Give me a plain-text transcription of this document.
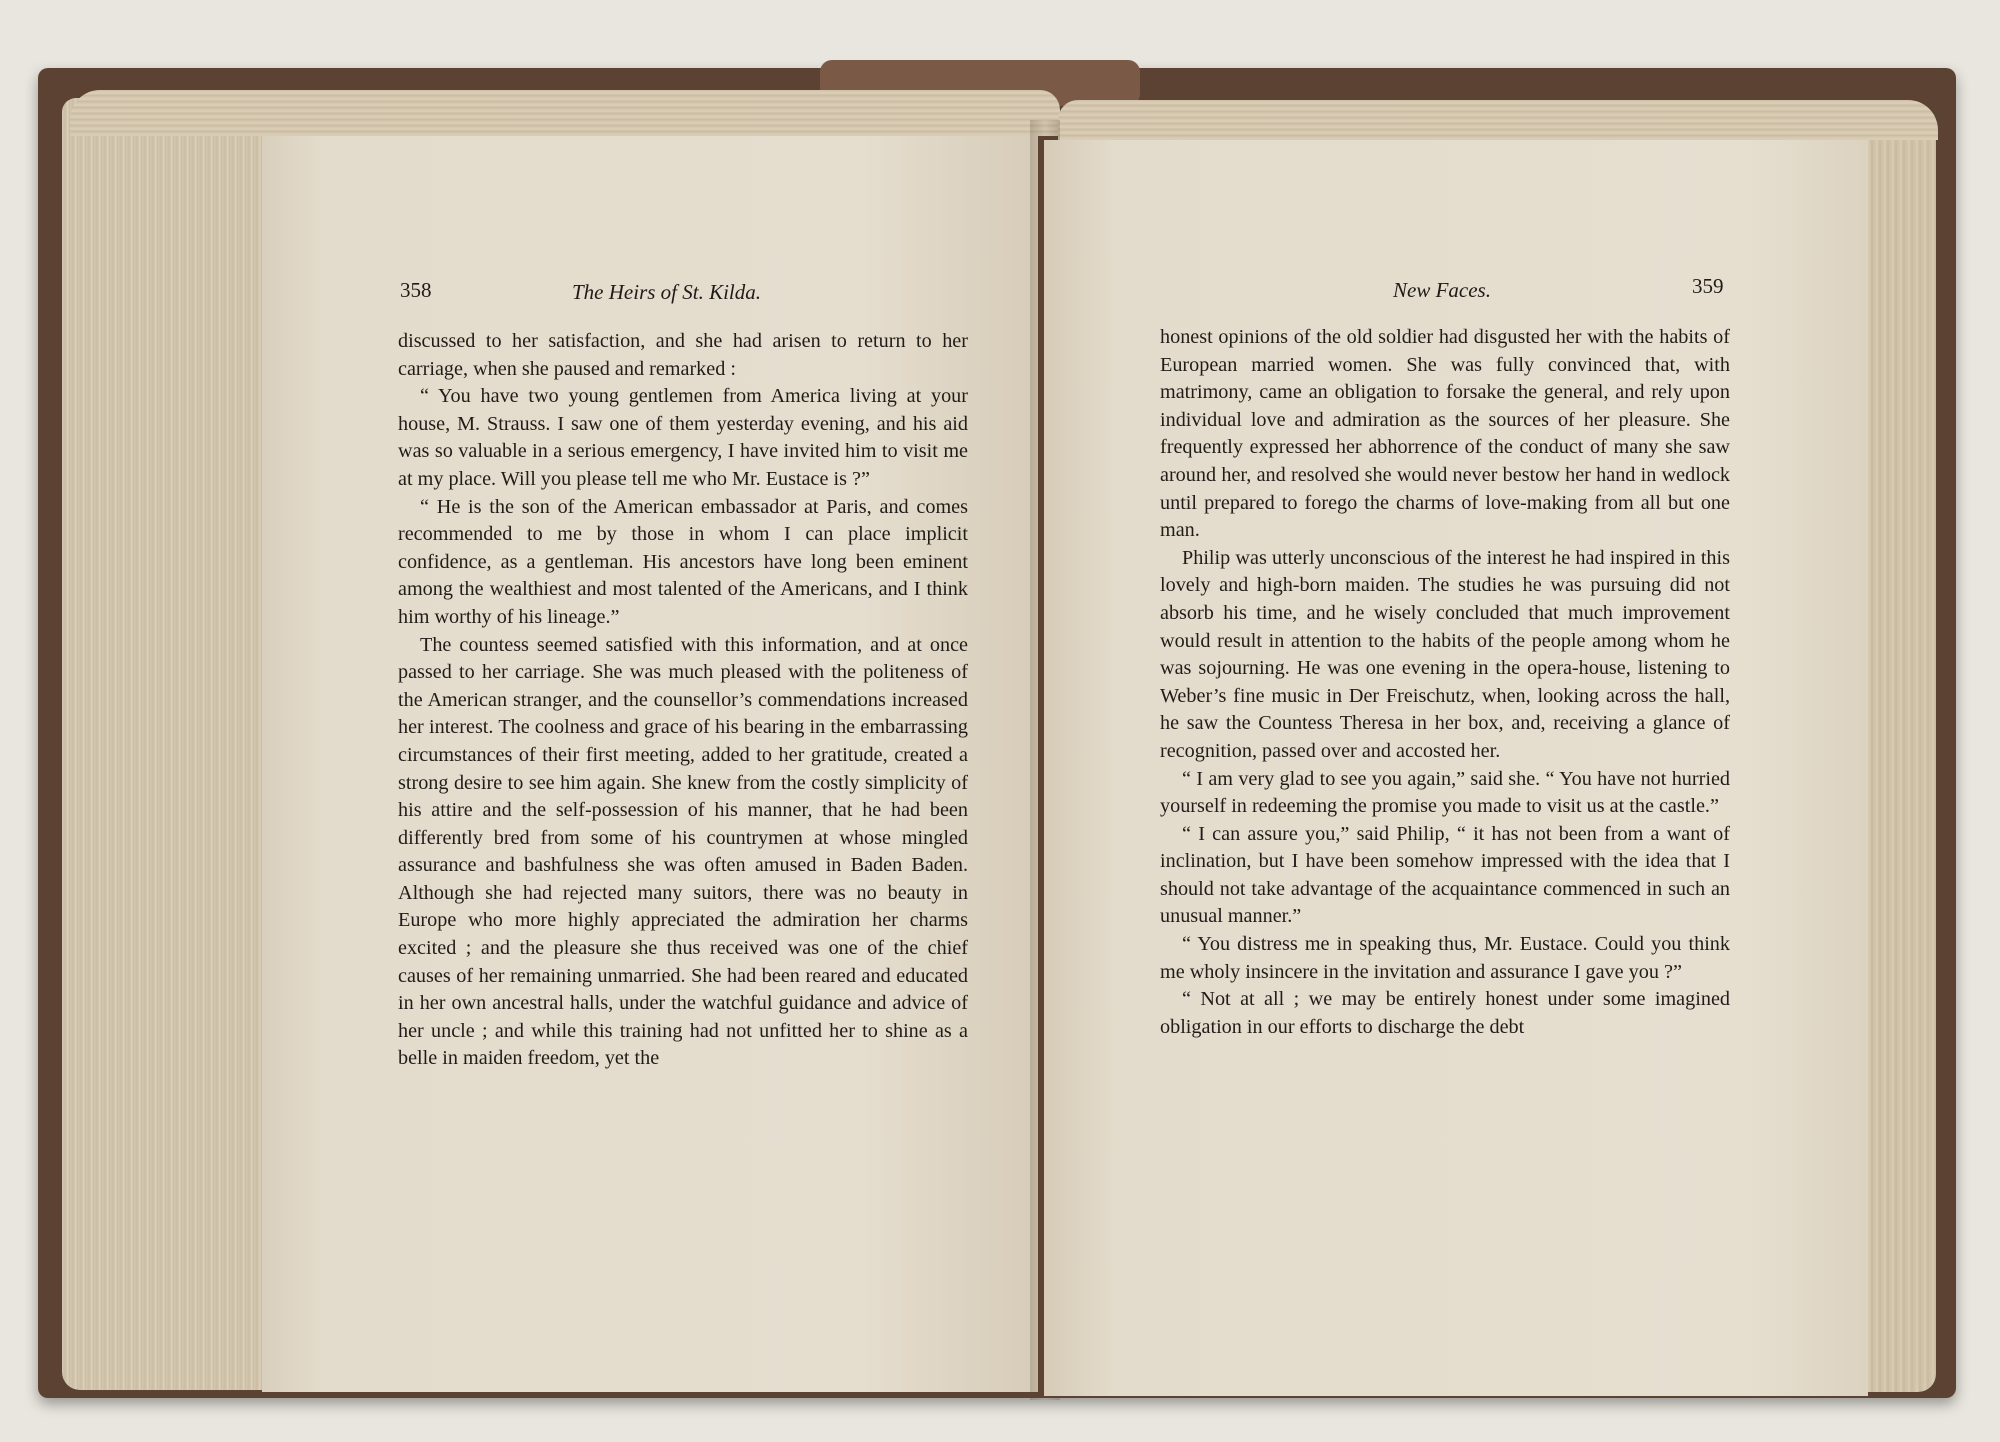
358	The Heirs of St. Kilda.

discussed to her satisfaction, and she had arisen to return to her carriage, when she paused and remarked :

“ You have two young gentlemen from America living at your house, M. Strauss. I saw one of them yesterday evening, and his aid was so valuable in a serious emergency, I have invited him to visit me at my place. Will you please tell me who Mr. Eustace is ?”

“ He is the son of the American embassador at Paris, and comes recommended to me by those in whom I can place implicit confidence, as a gentleman. His ancestors have long been eminent among the wealthiest and most talented of the Americans, and I think him worthy of his lineage.”

The countess seemed satisfied with this information, and at once passed to her carriage. She was much pleased with the politeness of the American stranger, and the counsellor’s commendations increased her interest. The coolness and grace of his bearing in the embarrassing circumstances of their first meeting, added to her gratitude, created a strong desire to see him again. She knew from the costly simplicity of his attire and the self-possession of his manner, that he had been differently bred from some of his countrymen at whose mingled assurance and bashfulness she was often amused in Baden Baden. Although she had rejected many suitors, there was no beauty in Europe who more highly appreciated the admiration her charms excited ; and the pleasure she thus received was one of the chief causes of her remaining unmarried. She had been reared and educated in her own ancestral halls, under the watchful guidance and advice of her uncle ; and while this training had not unfitted her to shine as a belle in maiden freedom, yet the

New Faces.	359

honest opinions of the old soldier had disgusted her with the habits of European married women. She was fully convinced that, with matrimony, came an obligation to forsake the general, and rely upon individual love and admiration as the sources of her pleasure. She frequently expressed her abhorrence of the conduct of many she saw around her, and resolved she would never bestow her hand in wedlock until prepared to forego the charms of love-making from all but one man.

Philip was utterly unconscious of the interest he had inspired in this lovely and high-born maiden. The studies he was pursuing did not absorb his time, and he wisely concluded that much improvement would result in attention to the habits of the people among whom he was sojourning. He was one evening in the opera-house, listening to Weber’s fine music in Der Freischutz, when, looking across the hall, he saw the Countess Theresa in her box, and, receiving a glance of recognition, passed over and accosted her.

“ I am very glad to see you again,” said she. “ You have not hurried yourself in redeeming the promise you made to visit us at the castle.”

“ I can assure you,” said Philip, “ it has not been from a want of inclination, but I have been somehow impressed with the idea that I should not take advantage of the acquaintance commenced in such an unusual manner.”

“ You distress me in speaking thus, Mr. Eustace. Could you think me wholy insincere in the invitation and assurance I gave you ?”

“ Not at all ; we may be entirely honest under some imagined obligation in our efforts to discharge the debt
